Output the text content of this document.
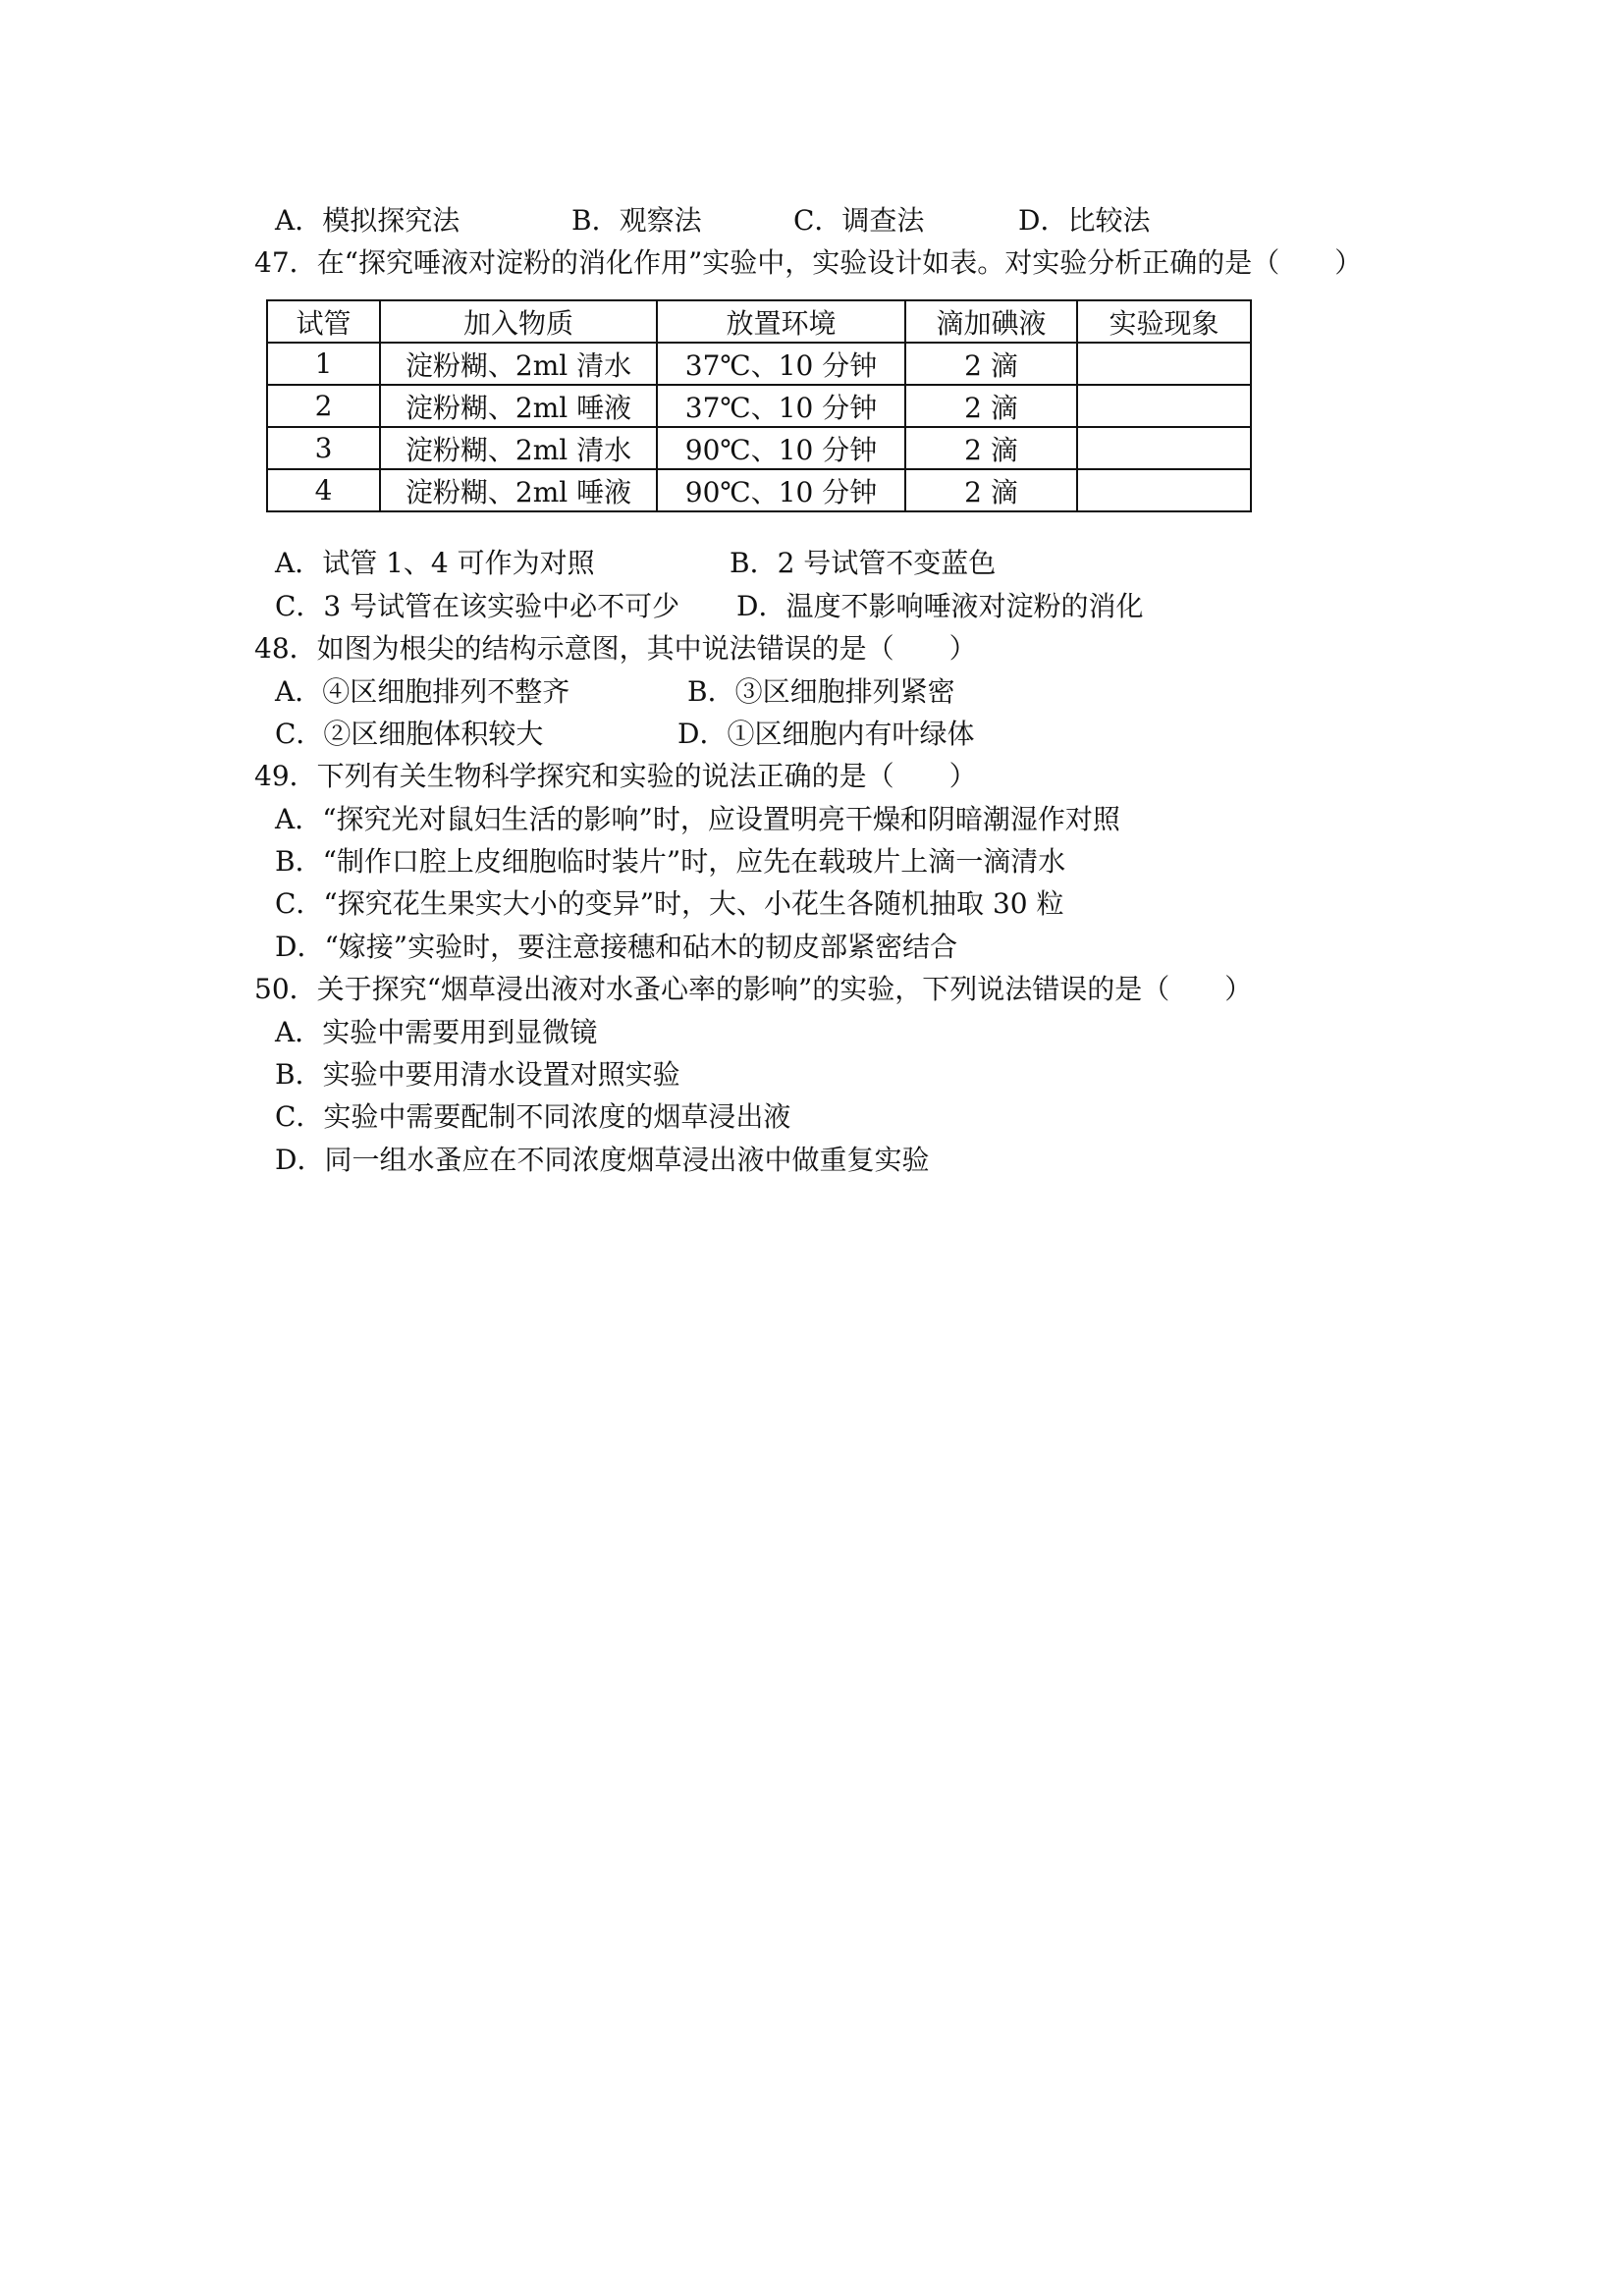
A．模拟探究法	B．观察法	C．调查法	D．比较法
47．在“探究唾液对淀粉的消化作用”实验中，实验设计如表。对实验分析正确的是（　　）
试管	加入物质	放置环境	滴加碘液	实验现象
1	淀粉糊、2ml 清水	37℃、10 分钟	2 滴	
2	淀粉糊、2ml 唾液	37℃、10 分钟	2 滴	
3	淀粉糊、2ml 清水	90℃、10 分钟	2 滴	
4	淀粉糊、2ml 唾液	90℃、10 分钟	2 滴	
A．试管 1、4 可作为对照	B．2 号试管不变蓝色
C．3 号试管在该实验中必不可少 D．温度不影响唾液对淀粉的消化
48．如图为根尖的结构示意图，其中说法错误的是（　　）
A．④区细胞排列不整齐	B．③区细胞排列紧密
C．②区细胞体积较大	D．①区细胞内有叶绿体
49．下列有关生物科学探究和实验的说法正确的是（　　）
A．“探究光对鼠妇生活的影响”时，应设置明亮干燥和阴暗潮湿作对照
B．“制作口腔上皮细胞临时装片”时，应先在载玻片上滴一滴清水
C．“探究花生果实大小的变异”时，大、小花生各随机抽取 30 粒
D．“嫁接”实验时，要注意接穗和砧木的韧皮部紧密结合
50．关于探究“烟草浸出液对水蚤心率的影响”的实验，下列说法错误的是（　　）
A．实验中需要用到显微镜
B．实验中要用清水设置对照实验
C．实验中需要配制不同浓度的烟草浸出液
D．同一组水蚤应在不同浓度烟草浸出液中做重复实验
